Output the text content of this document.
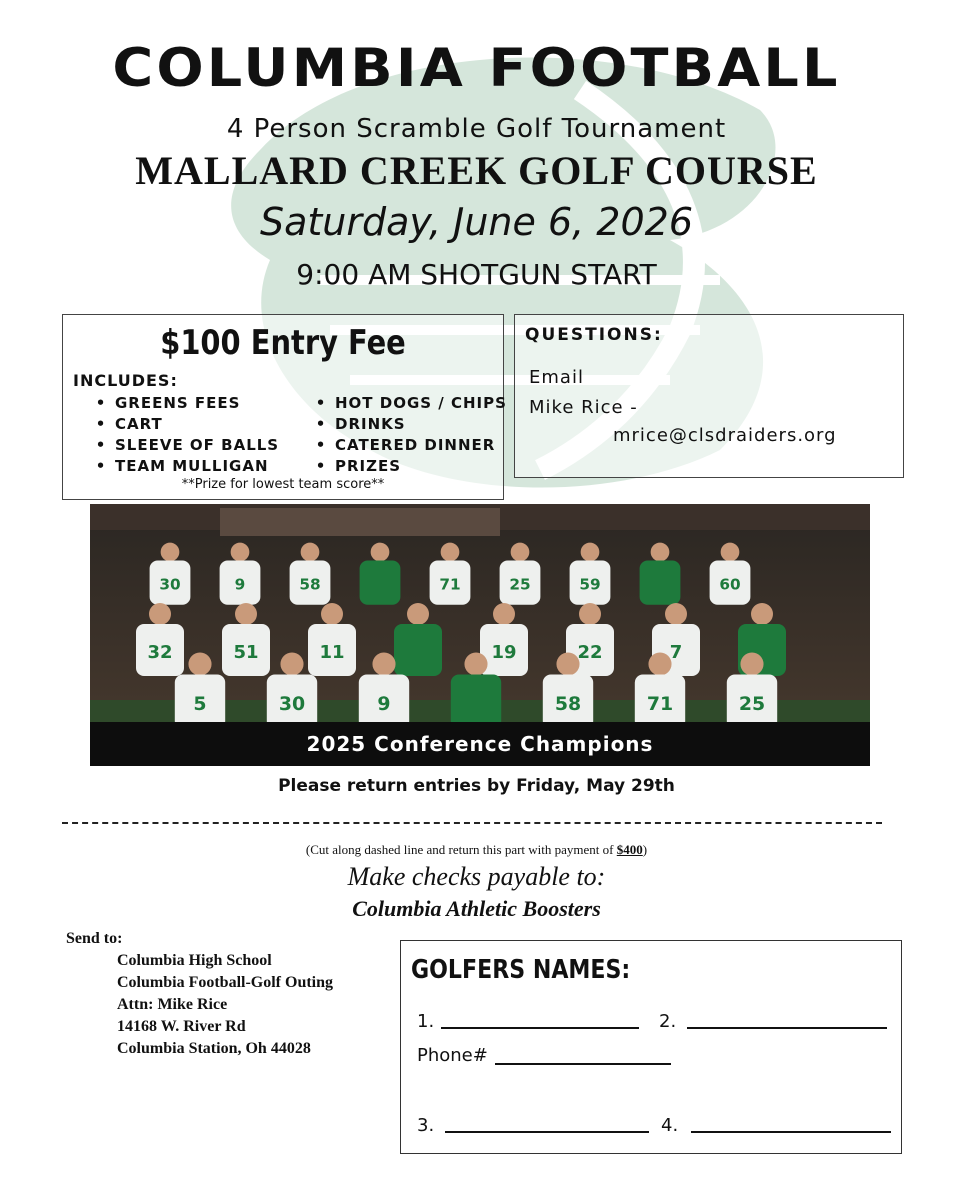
COLUMBIA FOOTBALL
4 Person Scramble Golf Tournament
MALLARD CREEK GOLF COURSE
Saturday, June 6, 2026
9:00 AM SHOTGUN START
$100 Entry Fee
INCLUDES:
• GREENS FEES
• CART
• SLEEVE OF BALLS
• TEAM MULLIGAN
• HOT DOGS / CHIPS
• DRINKS
• CATERED DINNER
• PRIZES
**Prize for lowest team score**
QUESTIONS:
Email
Mike Rice -
mrice@clsdraiders.org
30	9	58	71	25	59	60
32	51	11	19	22	7
5	30	9	58	71	25
2025 Conference Champions
Please return entries by Friday, May 29th
(Cut along dashed line and return this part with payment of $400)
Make checks payable to:
Columbia Athletic Boosters
Send to:
Columbia High School
Columbia Football-Golf Outing
Attn: Mike Rice
14168 W. River Rd
Columbia Station, Oh 44028
GOLFERS NAMES:
1.	2.
Phone#
3.	4.
